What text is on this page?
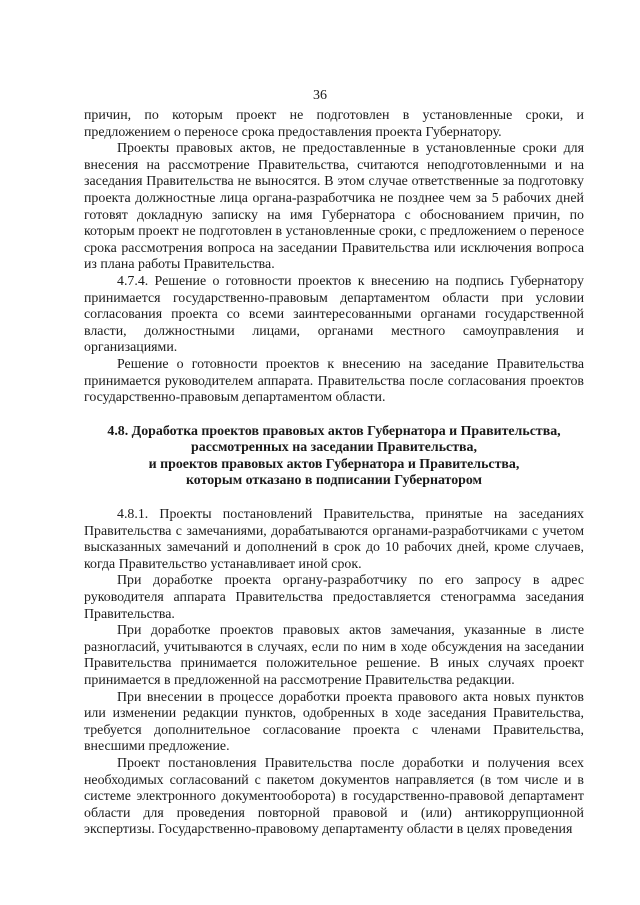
36

причин, по которым проект не подготовлен в установленные сроки, и предложением о переносе срока предоставления проекта Губернатору.

Проекты правовых актов, не предоставленные в установленные сроки для внесения на рассмотрение Правительства, считаются неподготовленными и на заседания Правительства не выносятся. В этом случае ответственные за подготовку проекта должностные лица органа-разработчика не позднее чем за 5 рабочих дней готовят докладную записку на имя Губернатора с обоснованием причин, по которым проект не подготовлен в установленные сроки, с предложением о переносе срока рассмотрения вопроса на заседании Правительства или исключения вопроса из плана работы Правительства.

4.7.4. Решение о готовности проектов к внесению на подпись Губернатору принимается государственно-правовым департаментом области при условии согласования проекта со всеми заинтересованными органами государственной власти, должностными лицами, органами местного самоуправления и организациями.

Решение о готовности проектов к внесению на заседание Правительства принимается руководителем аппарата. Правительства после согласования проектов государственно-правовым департаментом области.

4.8. Доработка проектов правовых актов Губернатора и Правительства,
рассмотренных на заседании Правительства,
и проектов правовых актов Губернатора и Правительства,
которым отказано в подписании Губернатором

4.8.1. Проекты постановлений Правительства, принятые на заседаниях Правительства с замечаниями, дорабатываются органами-разработчиками с учетом высказанных замечаний и дополнений в срок до 10 рабочих дней, кроме случаев, когда Правительство устанавливает иной срок.

При доработке проекта органу-разработчику по его запросу в адрес руководителя аппарата Правительства предоставляется стенограмма заседания Правительства.

При доработке проектов правовых актов замечания, указанные в листе разногласий, учитываются в случаях, если по ним в ходе обсуждения на заседании Правительства принимается положительное решение. В иных случаях проект принимается в предложенной на рассмотрение Правительства редакции.

При внесении в процессе доработки проекта правового акта новых пунктов или изменении редакции пунктов, одобренных в ходе заседания Правительства, требуется дополнительное согласование проекта с членами Правительства, внесшими предложение.

Проект постановления Правительства после доработки и получения всех необходимых согласований с пакетом документов направляется (в том числе и в системе электронного документооборота) в государственно-правовой департамент области для проведения повторной правовой и (или) антикоррупционной экспертизы. Государственно-правовому департаменту области в целях проведения
